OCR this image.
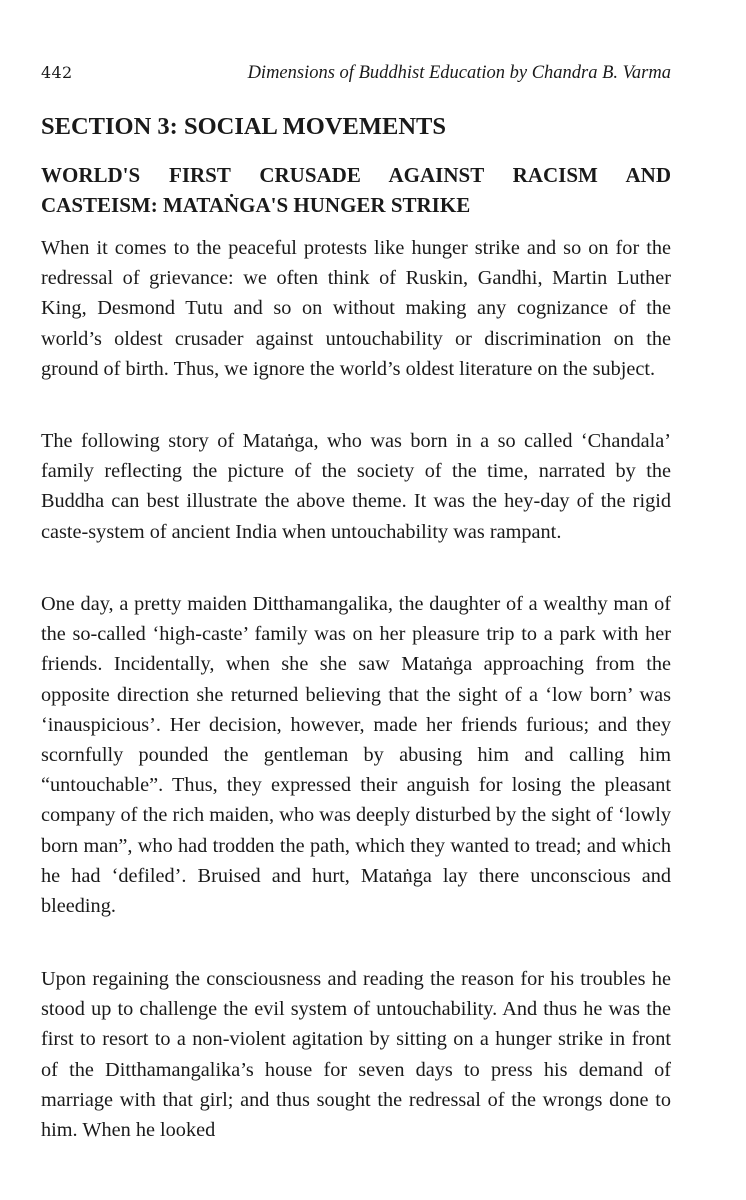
442	Dimensions of Buddhist Education by Chandra B. Varma
SECTION 3: SOCIAL MOVEMENTS
WORLD'S FIRST CRUSADE AGAINST RACISM AND
CASTEISM: MATAṄGA'S HUNGER STRIKE

When it comes to the peaceful protests like hunger strike and so on for the redressal of grievance: we often think of Ruskin, Gandhi, Martin Luther King, Desmond Tutu and so on without making any cognizance of the world’s oldest crusader against untouchability or discrimination on the ground of birth. Thus, we ignore the world’s oldest literature on the subject.

The following story of Mataṅga, who was born in a so called ‘Chandala’ family reflecting the picture of the society of the time, narrated by the Buddha can best illustrate the above theme. It was the hey-day of the rigid caste-system of ancient India when untouchability was rampant.

One day, a pretty maiden Ditthamangalika, the daughter of a wealthy man of the so-called ‘high-caste’ family was on her pleasure trip to a park with her friends. Incidentally, when she she saw Mataṅga approaching from the opposite direction she returned believing that the sight of a ‘low born’ was ‘inauspicious’. Her decision, however, made her friends furious; and they scornfully pounded the gentleman by abusing him and calling him “untouchable”. Thus, they expressed their anguish for losing the pleasant company of the rich maiden, who was deeply disturbed by the sight of ‘lowly born man”, who had trodden the path, which they wanted to tread; and which he had ‘defiled’. Bruised and hurt, Mataṅga lay there unconscious and bleeding.

Upon regaining the consciousness and reading the reason for his troubles he stood up to challenge the evil system of untouchability. And thus he was the first to resort to a non-violent agitation by sitting on a hunger strike in front of the Ditthamangalika’s house for seven days to press his demand of marriage with that girl; and thus sought the redressal of the wrongs done to him. When he looked
